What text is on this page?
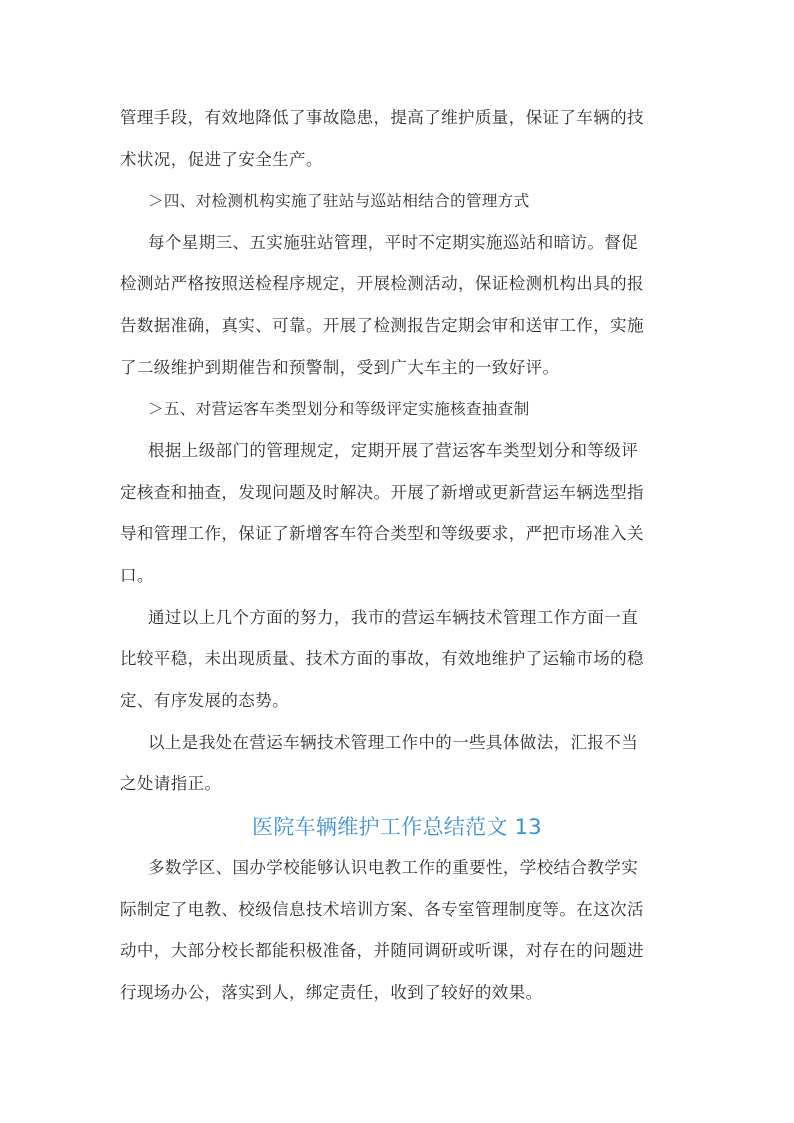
管理手段，有效地降低了事故隐患，提高了维护质量，保证了车辆的技
术状况，促进了安全生产。
＞四、对检测机构实施了驻站与巡站相结合的管理方式
每个星期三、五实施驻站管理，平时不定期实施巡站和暗访。督促
检测站严格按照送检程序规定，开展检测活动，保证检测机构出具的报
告数据准确，真实、可靠。开展了检测报告定期会审和送审工作，实施
了二级维护到期催告和预警制，受到广大车主的一致好评。
＞五、对营运客车类型划分和等级评定实施核查抽查制
根据上级部门的管理规定，定期开展了营运客车类型划分和等级评
定核查和抽查，发现问题及时解决。开展了新增或更新营运车辆选型指
导和管理工作，保证了新增客车符合类型和等级要求，严把市场准入关
口。
通过以上几个方面的努力，我市的营运车辆技术管理工作方面一直
比较平稳，未出现质量、技术方面的事故，有效地维护了运输市场的稳
定、有序发展的态势。
以上是我处在营运车辆技术管理工作中的一些具体做法，汇报不当
之处请指正。
医院车辆维护工作总结范文 13
多数学区、国办学校能够认识电教工作的重要性，学校结合教学实
际制定了电教、校级信息技术培训方案、各专室管理制度等。在这次活
动中，大部分校长都能积极准备，并随同调研或听课，对存在的问题进
行现场办公，落实到人，绑定责任，收到了较好的效果。
